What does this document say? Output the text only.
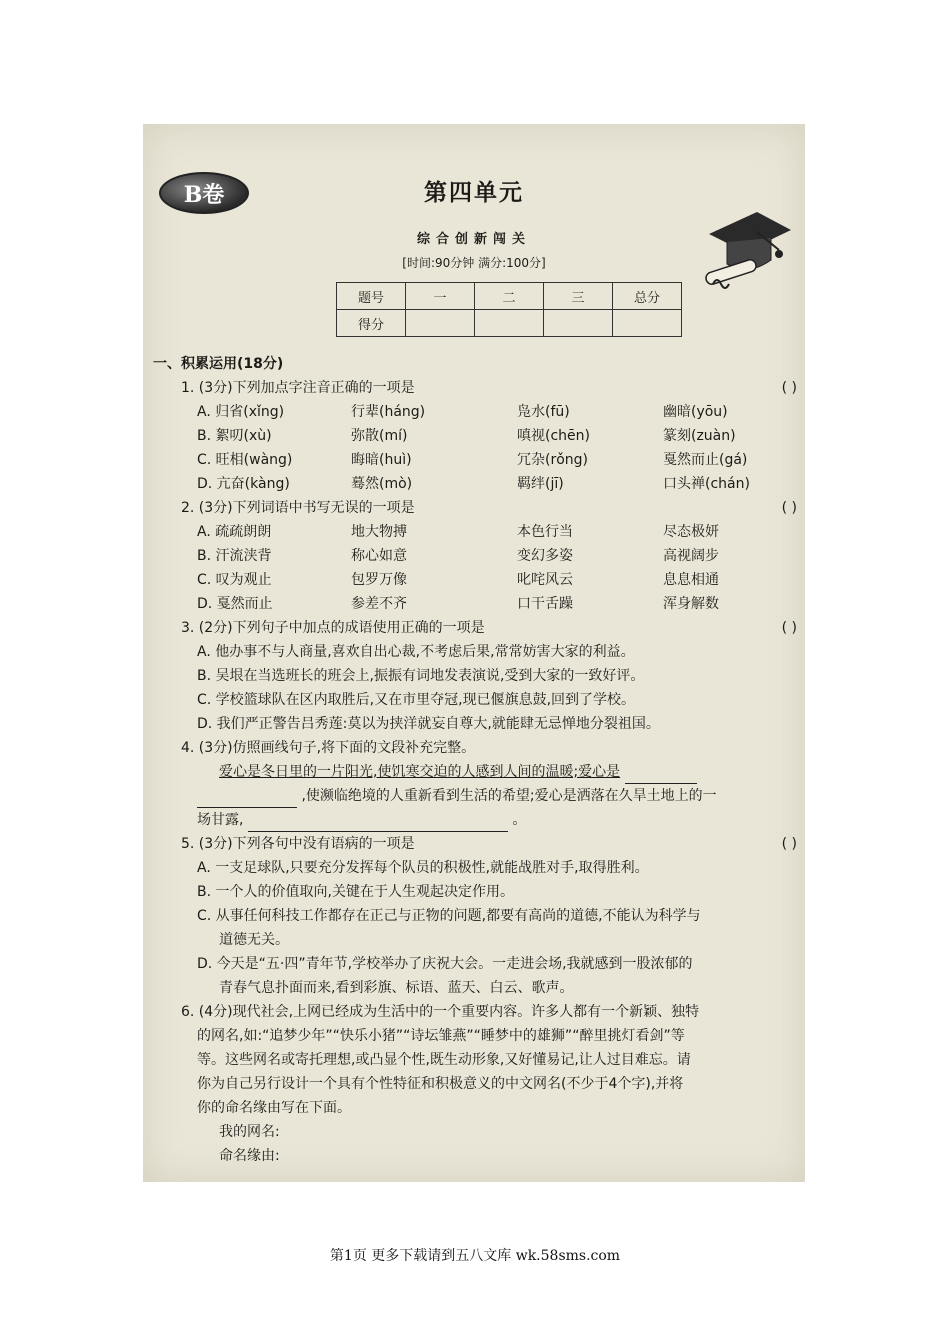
B卷	第四单元
综合创新闯关
[时间:90分钟 满分:100分]
题号	一	二	三	总分
得分				
一、积累运用(18分)
1. (3分)下列加点字注音正确的一项是	( )
A. 归省(xǐng)	行辈(háng)	凫水(fū)	幽暗(yōu)
B. 絮叨(xù)	弥散(mí)	嗔视(chēn)	篆刻(zuàn)
C. 旺相(wàng)	晦暗(huì)	冗杂(rǒng)	戛然而止(gá)
D. 亢奋(kàng)	蓦然(mò)	羁绊(jī)	口头禅(chán)
2. (3分)下列词语中书写无误的一项是	( )
A. 疏疏朗朗	地大物搏	本色行当	尽态极妍
B. 汗流浃背	称心如意	变幻多姿	高视阔步
C. 叹为观止	包罗万像	叱咤风云	息息相通
D. 戛然而止	参差不齐	口干舌躁	浑身解数
3. (2分)下列句子中加点的成语使用正确的一项是	( )
A. 他办事不与人商量,喜欢自出心裁,不考虑后果,常常妨害大家的利益。
B. 吴垠在当选班长的班会上,振振有词地发表演说,受到大家的一致好评。
C. 学校篮球队在区内取胜后,又在市里夺冠,现已偃旗息鼓,回到了学校。
D. 我们严正警告吕秀莲:莫以为挟洋就妄自尊大,就能肆无忌惮地分裂祖国。
4. (3分)仿照画线句子,将下面的文段补充完整。
爱心是冬日里的一片阳光,使饥寒交迫的人感到人间的温暖;爱心是
,使濒临绝境的人重新看到生活的希望;爱心是洒落在久旱土地上的一
场甘露,	。
5. (3分)下列各句中没有语病的一项是	( )
A. 一支足球队,只要充分发挥每个队员的积极性,就能战胜对手,取得胜利。
B. 一个人的价值取向,关键在于人生观起决定作用。
C. 从事任何科技工作都存在正己与正物的问题,都要有高尚的道德,不能认为科学与
道德无关。
D. 今天是“五·四”青年节,学校举办了庆祝大会。一走进会场,我就感到一股浓郁的
青春气息扑面而来,看到彩旗、标语、蓝天、白云、歌声。
6. (4分)现代社会,上网已经成为生活中的一个重要内容。许多人都有一个新颖、独特
的网名,如:“追梦少年”“快乐小猪”“诗坛雏燕”“睡梦中的雄狮”“醉里挑灯看剑”等
等。这些网名或寄托理想,或凸显个性,既生动形象,又好懂易记,让人过目难忘。请
你为自己另行设计一个具有个性特征和积极意义的中文网名(不少于4个字),并将
你的命名缘由写在下面。
我的网名:
命名缘由:
第1页 更多下载请到五八文库 wk.58sms.com
